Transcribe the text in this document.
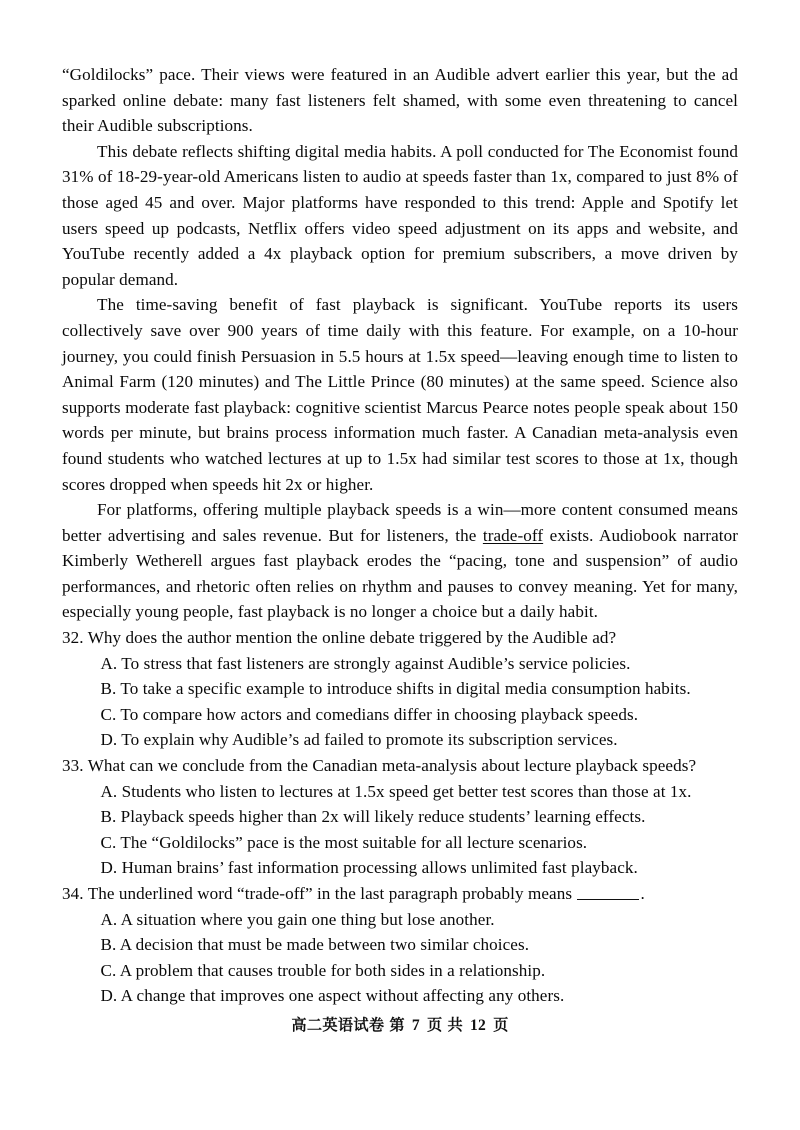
“Goldilocks” pace. Their views were featured in an Audible advert earlier this year, but the ad sparked online debate: many fast listeners felt shamed, with some even threatening to cancel their Audible subscriptions.

This debate reflects shifting digital media habits. A poll conducted for The Economist found 31% of 18-29-year-old Americans listen to audio at speeds faster than 1x, compared to just 8% of those aged 45 and over. Major platforms have responded to this trend: Apple and Spotify let users speed up podcasts, Netflix offers video speed adjustment on its apps and website, and YouTube recently added a 4x playback option for premium subscribers, a move driven by popular demand.

The time-saving benefit of fast playback is significant. YouTube reports its users collectively save over 900 years of time daily with this feature. For example, on a 10-hour journey, you could finish Persuasion in 5.5 hours at 1.5x speed—leaving enough time to listen to Animal Farm (120 minutes) and The Little Prince (80 minutes) at the same speed. Science also supports moderate fast playback: cognitive scientist Marcus Pearce notes people speak about 150 words per minute, but brains process information much faster. A Canadian meta-analysis even found students who watched lectures at up to 1.5x had similar test scores to those at 1x, though scores dropped when speeds hit 2x or higher.

For platforms, offering multiple playback speeds is a win—more content consumed means better advertising and sales revenue. But for listeners, the trade-off exists. Audiobook narrator Kimberly Wetherell argues fast playback erodes the “pacing, tone and suspension” of audio performances, and rhetoric often relies on rhythm and pauses to convey meaning. Yet for many, especially young people, fast playback is no longer a choice but a daily habit.

32. Why does the author mention the online debate triggered by the Audible ad?

A. To stress that fast listeners are strongly against Audible’s service policies.

B. To take a specific example to introduce shifts in digital media consumption habits.

C. To compare how actors and comedians differ in choosing playback speeds.

D. To explain why Audible’s ad failed to promote its subscription services.

33. What can we conclude from the Canadian meta-analysis about lecture playback speeds?

A. Students who listen to lectures at 1.5x speed get better test scores than those at 1x.

B. Playback speeds higher than 2x will likely reduce students’ learning effects.

C. The “Goldilocks” pace is the most suitable for all lecture scenarios.

D. Human brains’ fast information processing allows unlimited fast playback.

34. The underlined word “trade-off” in the last paragraph probably means	.

A. A situation where you gain one thing but lose another.

B. A decision that must be made between two similar choices.

C. A problem that causes trouble for both sides in a relationship.

D. A change that improves one aspect without affecting any others.

高二英语试卷 第 7 页 共 12 页
